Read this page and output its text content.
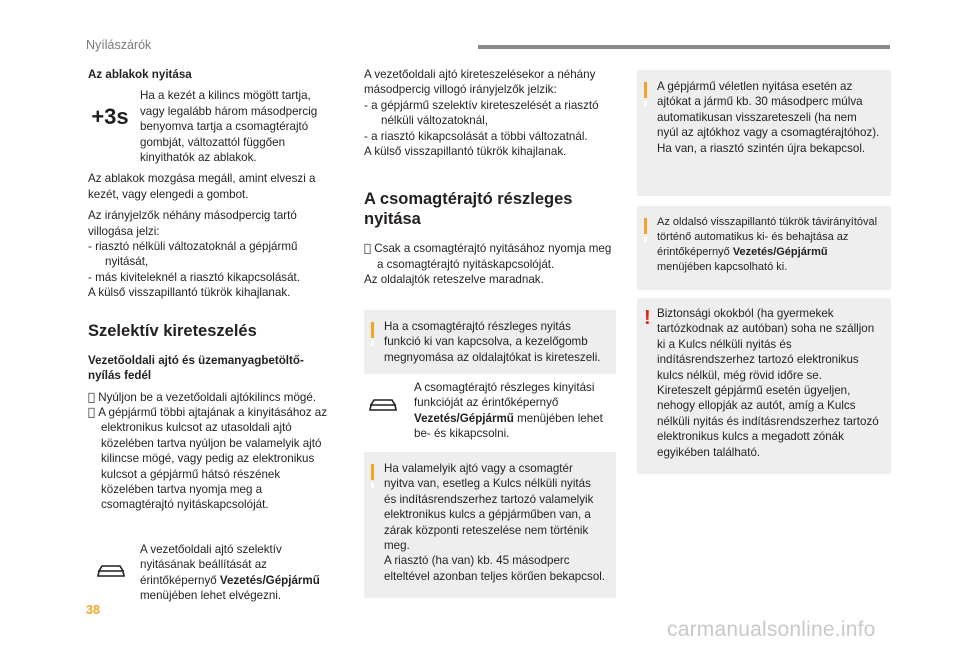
Nyílászárók

Az ablakok nyitása

+3s

Ha a kezét a kilincs mögött tartja, vagy legalább három másodpercig benyomva tartja a csomagtérajtó gombját, változattól függően kinyithatók az ablakok.

Az ablakok mozgása megáll, amint elveszi a kezét, vagy elengedi a gombot.

Az irányjelzők néhány másodpercig tartó villogása jelzi:

- riasztó nélküli változatoknál a gépjármű nyitását,

- más kiviteleknél a riasztó kikapcsolását.

A külső visszapillantó tükrök kihajlanak.

Szelektív kireteszelés

Vezetőoldali ajtó és üzemanyagbetöltő-nyílás fedél

Nyúljon be a vezetőoldali ajtókilincs mögé.
A gépjármű többi ajtajának a kinyitásához az elektronikus kulcsot az utasoldali ajtó közelében tartva nyúljon be valamelyik ajtó kilincse mögé, vagy pedig az elektronikus kulcsot a gépjármű hátsó részének közelében tartva nyomja meg a csomagtérajtó nyitáskapcsolóját.

A vezetőoldali ajtó szelektív nyitásának beállítását az érintőképernyő Vezetés/Gépjármű menüjében lehet elvégezni.

A vezetőoldali ajtó kireteszelésekor a néhány másodpercig villogó irányjelzők jelzik:

- a gépjármű szelektív kireteszelését a riasztó nélküli változatoknál,

- a riasztó kikapcsolását a többi változatnál.

A külső visszapillantó tükrök kihajlanak.

A csomagtérajtó részleges nyitása

Csak a csomagtérajtó nyitásához nyomja meg a csomagtérajtó nyitáskapcsolóját.

Az oldalajtók reteszelve maradnak.

Ha a csomagtérajtó részleges nyitás funkció ki van kapcsolva, a kezelőgomb megnyomása az oldalajtókat is kireteszeli.

A csomagtérajtó részleges kinyitási funkcióját az érintőképernyő Vezetés/Gépjármű menüjében lehet be- és kikapcsolni.

Ha valamelyik ajtó vagy a csomagtér nyitva van, esetleg a Kulcs nélküli nyitás és indításrendszerhez tartozó valamelyik elektronikus kulcs a gépjárműben van, a zárak központi reteszelése nem történik meg.
A riasztó (ha van) kb. 45 másodperc elteltével azonban teljes körűen bekapcsol.

A gépjármű véletlen nyitása esetén az ajtókat a jármű kb. 30 másodperc múlva automatikusan visszareteszeli (ha nem nyúl az ajtókhoz vagy a csomagtérajtóhoz).
Ha van, a riasztó szintén újra bekapcsol.

Az oldalsó visszapillantó tükrök távirányítóval történő automatikus ki- és behajtása az érintőképernyő Vezetés/Gépjármű menüjében kapcsolható ki.

! Biztonsági okokból (ha gyermekek tartózkodnak az autóban) soha ne szálljon ki a Kulcs nélküli nyitás és indításrendszerhez tartozó elektronikus kulcs nélkül, még rövid időre se.
Kireteszelt gépjármű esetén ügyeljen, nehogy ellopják az autót, amíg a Kulcs nélküli nyitás és indításrendszerhez tartozó elektronikus kulcs a megadott zónák egyikében található.

38
carmanualsonline.info
